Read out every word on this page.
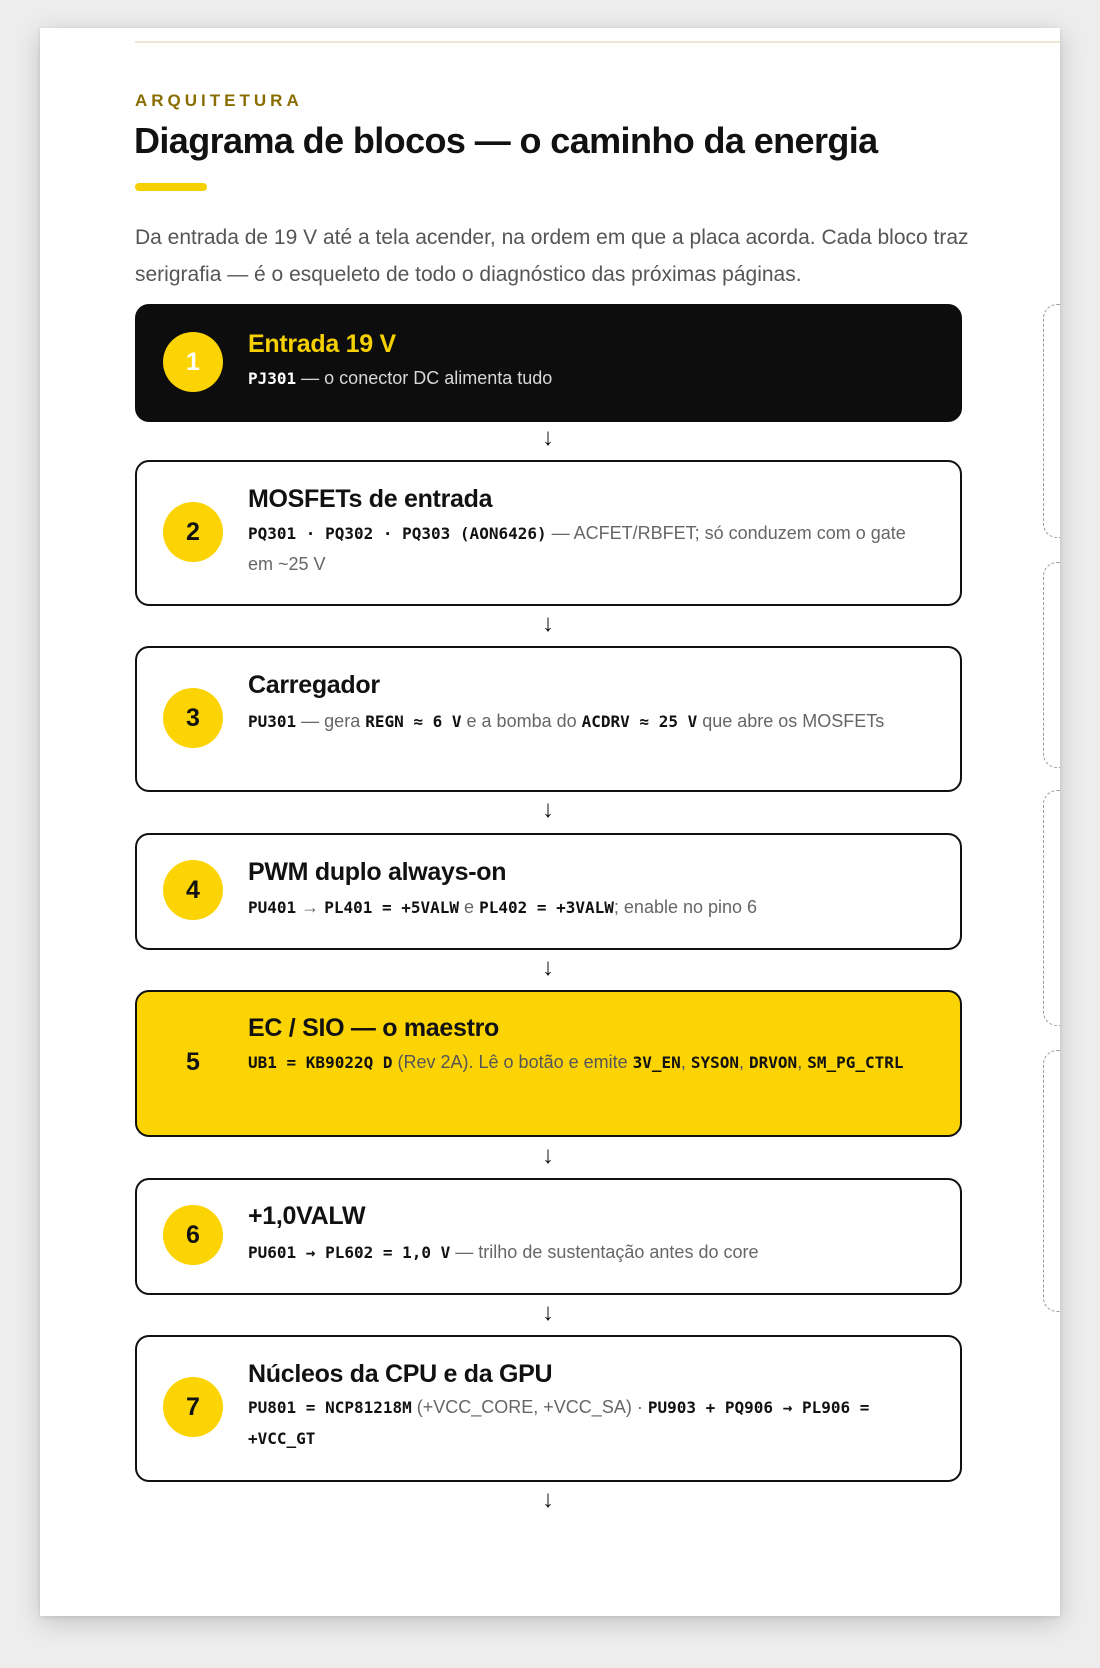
ARQUITETURA
Diagrama de blocos — o caminho da energia
Da entrada de 19 V até a tela acender, na ordem em que a placa acorda. Cada bloco traz
serigrafia — é o esqueleto de todo o diagnóstico das próximas páginas.
1
Entrada 19 V
PJ301 — o conector DC alimenta tudo
↓
2
MOSFETs de entrada
PQ301 · PQ302 · PQ303 (AON6426) — ACFET/RBFET; só conduzem com o gate em ~25 V
↓
3
Carregador
PU301 — gera REGN ≈ 6 V e a bomba do ACDRV ≈ 25 V que abre os MOSFETs
↓
4
PWM duplo always-on
PU401 → PL401 = +5VALW e PL402 = +3VALW; enable no pino 6
↓
5
EC / SIO — o maestro
UB1 = KB9022Q D (Rev 2A). Lê o botão e emite 3V_EN, SYSON, DRVON, SM_PG_CTRL
↓
6
+1,0VALW
PU601 → PL602 = 1,0 V — trilho de sustentação antes do core
↓
7
Núcleos da CPU e da GPU
PU801 = NCP81218M (+VCC_CORE, +VCC_SA) · PU903 + PQ906 → PL906 = +VCC_GT
↓
